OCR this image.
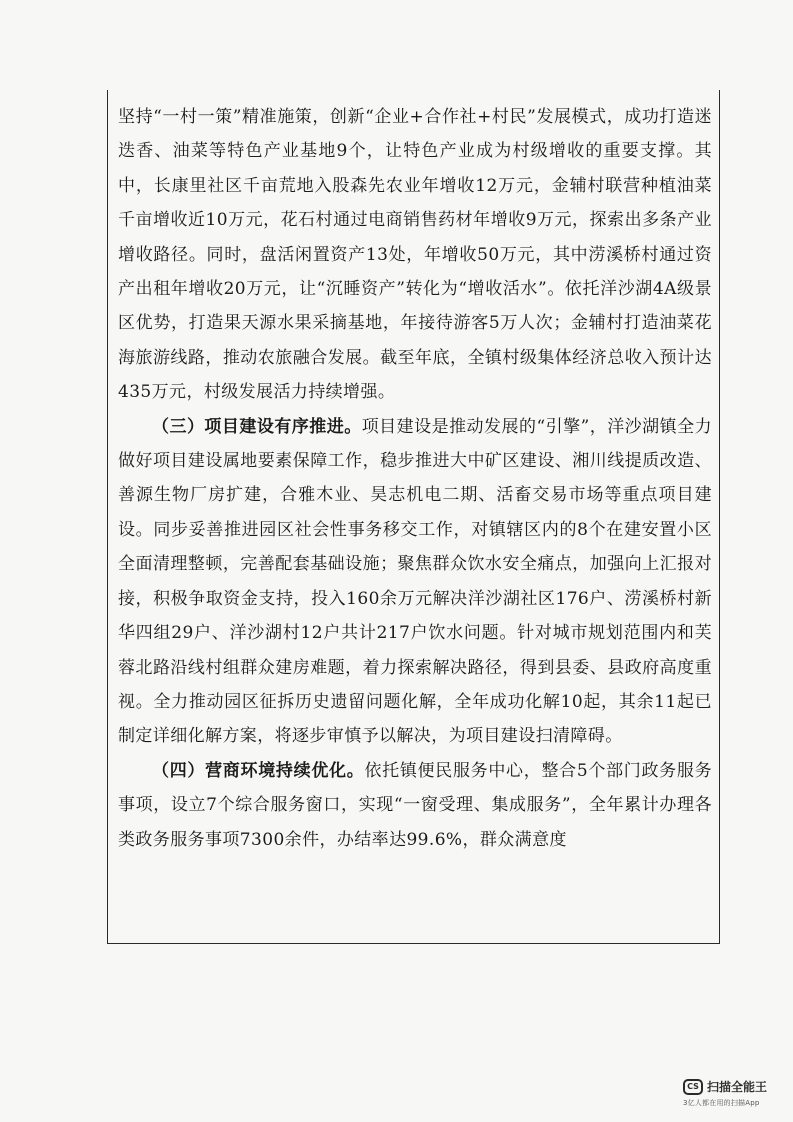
坚持“一村一策”精准施策，创新“企业+合作社+村民”发展模式，成功打造迷迭香、油菜等特色产业基地9个，让特色产业成为村级增收的重要支撑。其中，长康里社区千亩荒地入股森先农业年增收12万元，金辅村联营种植油菜千亩增收近10万元，花石村通过电商销售药材年增收9万元，探索出多条产业增收路径。同时，盘活闲置资产13处，年增收50万元，其中涝溪桥村通过资产出租年增收20万元，让“沉睡资产”转化为“增收活水”。依托洋沙湖4A级景区优势，打造果天源水果采摘基地，年接待游客5万人次；金辅村打造油菜花海旅游线路，推动农旅融合发展。截至年底，全镇村级集体经济总收入预计达435万元，村级发展活力持续增强。

（三）项目建设有序推进。项目建设是推动发展的“引擎”，洋沙湖镇全力做好项目建设属地要素保障工作，稳步推进大中矿区建设、湘川线提质改造、善源生物厂房扩建，合雅木业、昊志机电二期、活畜交易市场等重点项目建设。同步妥善推进园区社会性事务移交工作，对镇辖区内的8个在建安置小区全面清理整顿，完善配套基础设施；聚焦群众饮水安全痛点，加强向上汇报对接，积极争取资金支持，投入160余万元解决洋沙湖社区176户、涝溪桥村新华四组29户、洋沙湖村12户共计217户饮水问题。针对城市规划范围内和芙蓉北路沿线村组群众建房难题，着力探索解决路径，得到县委、县政府高度重视。全力推动园区征拆历史遗留问题化解，全年成功化解10起，其余11起已制定详细化解方案，将逐步审慎予以解决，为项目建设扫清障碍。

（四）营商环境持续优化。依托镇便民服务中心，整合5个部门政务服务事项，设立7个综合服务窗口，实现“一窗受理、集成服务”，全年累计办理各类政务服务事项7300余件，办结率达99.6%，群众满意度

CS 扫描全能王
3亿人都在用的扫描App
